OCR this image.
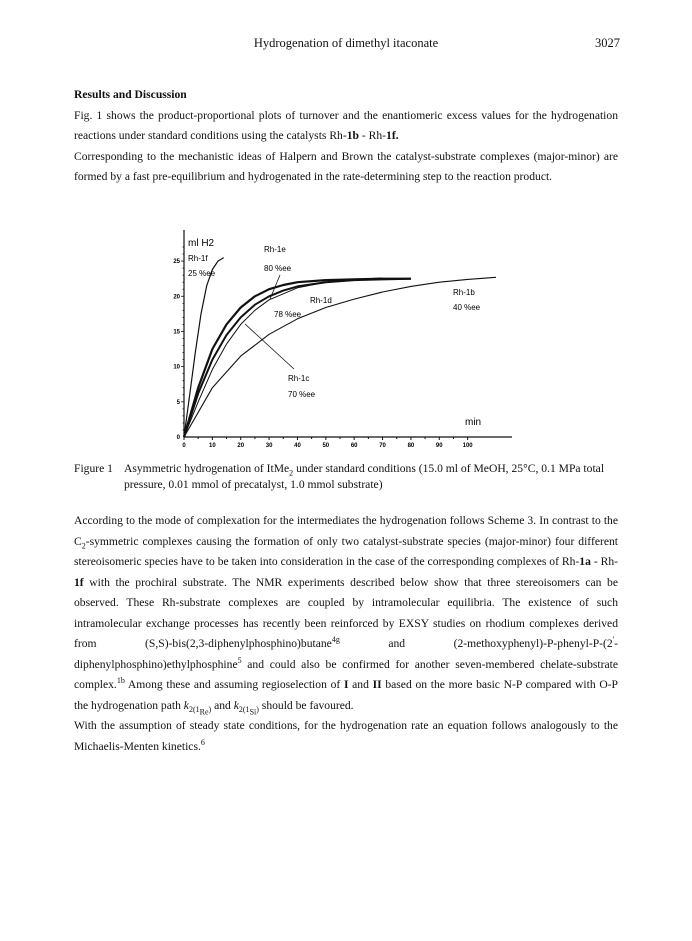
Hydrogenation of dimethyl itaconate	3027

Results and Discussion

Fig. 1 shows the product-proportional plots of turnover and the enantiomeric excess values for the hydrogenation reactions under standard conditions using the catalysts Rh-1b - Rh-1f.

Corresponding to the mechanistic ideas of Halpern and Brown the catalyst-substrate complexes (major-minor) are formed by a fast pre-equilibrium and hydrogenated in the rate-determining step to the reaction product.

0	10	20	30	40	50	60	70	80	90	100
0
5
10
15
20
25
ml H2
min
Rh-1f
25 %ee
Rh-1e
80 %ee
Rh-1d
78 %ee
Rh-1b
40 %ee
Rh-1c
70 %ee
Figure 1 Asymmetric hydrogenation of ItMe$_2$ under standard conditions (15.0 ml of MeOH, 25°C, 0.1 MPa total pressure, 0.01 mmol of precatalyst, 1.0 mmol substrate)

According to the mode of complexation for the intermediates the hydrogenation follows Scheme 3. In contrast to the $C_2$-symmetric complexes causing the formation of only two catalyst-substrate species (major-minor) four different stereoisomeric species have to be taken into consideration in the case of the corresponding complexes of Rh-1a - Rh-1f with the prochiral substrate. The NMR experiments described below show that three stereoisomers can be observed. These Rh-substrate complexes are coupled by intramolecular equilibria. The existence of such intramolecular exchange processes has recently been reinforced by EXSY studies on rhodium complexes derived from (S,S)-bis(2,3-diphenylphosphino)butane$^{4g}$ and (2-methoxyphenyl)-P-phenyl-P-(2'-diphenylphosphino)ethylphosphine$^5$ and could also be confirmed for another seven-membered chelate-substrate complex.$^{1b}$ Among these and assuming regioselection of I and II based on the more basic N-P compared with O-P the hydrogenation path $k_{2(1_{Re})}$ and $k_{2(1_{Si})}$ should be favoured.

With the assumption of steady state conditions, for the hydrogenation rate an equation follows analogously to the Michaelis-Menten kinetics.$^6$
